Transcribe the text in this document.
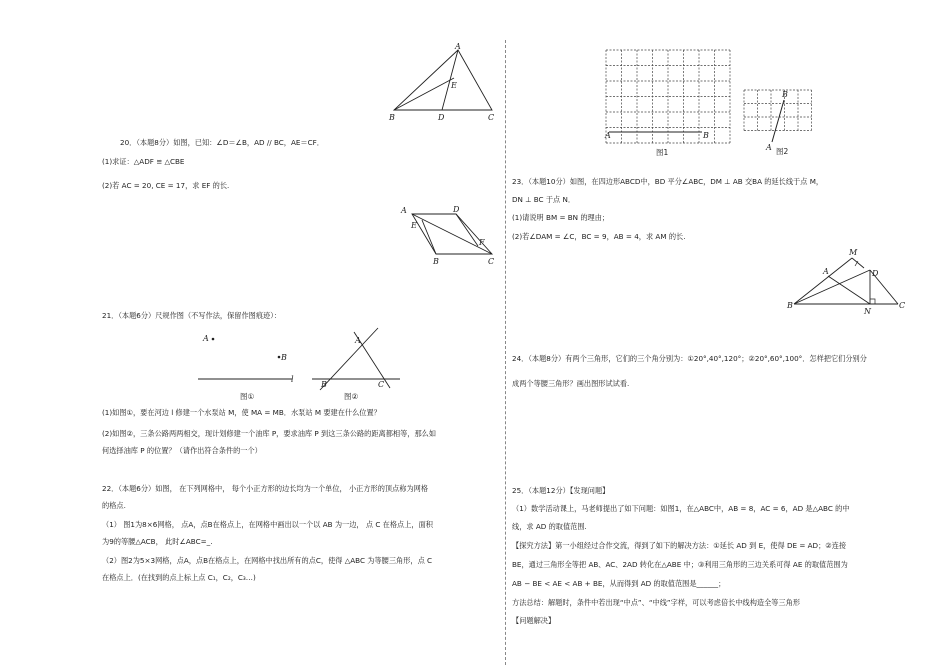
A
E
B	D	C
20．（本题8分）如图，已知：∠D＝∠B，AD // BC，AE＝CF．
(1)求证：△ADF ≌ △CBE
(2)若 AC = 20, CE = 17，求 EF 的长.
A	D
E
F
B	C
21．（本题6分）尺规作图（不写作法，保留作图痕迹）：
A
B
l
图①
A
B	C
图②
(1)如图①，要在河边 l 修建一个水泵站 M，使 MA = MB．水泵站 M 要建在什么位置？
(2)如图②，三条公路两两相交，现计划修建一个油库 P，要求油库 P 到这三条公路的距离都相等，那么如
何选择油库 P 的位置？（请作出符合条件的一个）
22．（本题6分）如图， 在下列网格中， 每个小正方形的边长均为一个单位， 小正方形的顶点称为网格
的格点.
（1） 图1为8×6网格， 点A，点B在格点上，在网格中画出以一个以 AB 为一边， 点 C 在格点上，面积
为9的等腰△ACB， 此时∠ABC=_.
（2）图2为5×3网格，点A，点B在格点上，在网格中找出所有的点C，使得 △ABC 为等腰三角形，点 C
在格点上．(在找到的点上标上点 C₁，C₂，C₃…)
A	B
图1
B
A 图2
23．（本题10分）如图，在四边形ABCD中，BD 平分∠ABC，DM ⊥ AB 交BA 的延长线于点 M，
DN ⊥ BC 于点 N．
(1)请说明 BM = BN 的理由；
(2)若∠DAM = ∠C，BC = 9，AB = 4，求 AM 的长.
M
A	D
B
N
C
24．（本题8分）有两个三角形，它们的三个角分别为：①20°,40°,120°；②20°,60°,100°．怎样把它们分别分
成两个等腰三角形？画出图形试试看.
25．（本题12分）【发现问题】
（1）数学活动课上，马老师提出了如下问题：如图1，在△ABC中，AB = 8，AC = 6，AD 是△ABC 的中
线，求 AD 的取值范围.
【探究方法】第一小组经过合作交流，得到了如下的解决方法：①延长 AD 到 E，使得 DE = AD；②连接
BE，通过三角形全等把 AB、AC、2AD 转化在△ABE 中；③利用三角形的三边关系可得 AE 的取值范围为
AB − BE < AE < AB + BE，从而得到 AD 的取值范围是______；
方法总结：解题时，条件中若出现“中点”、“中线”字样，可以考虑倍长中线构造全等三角形
【问题解决】
